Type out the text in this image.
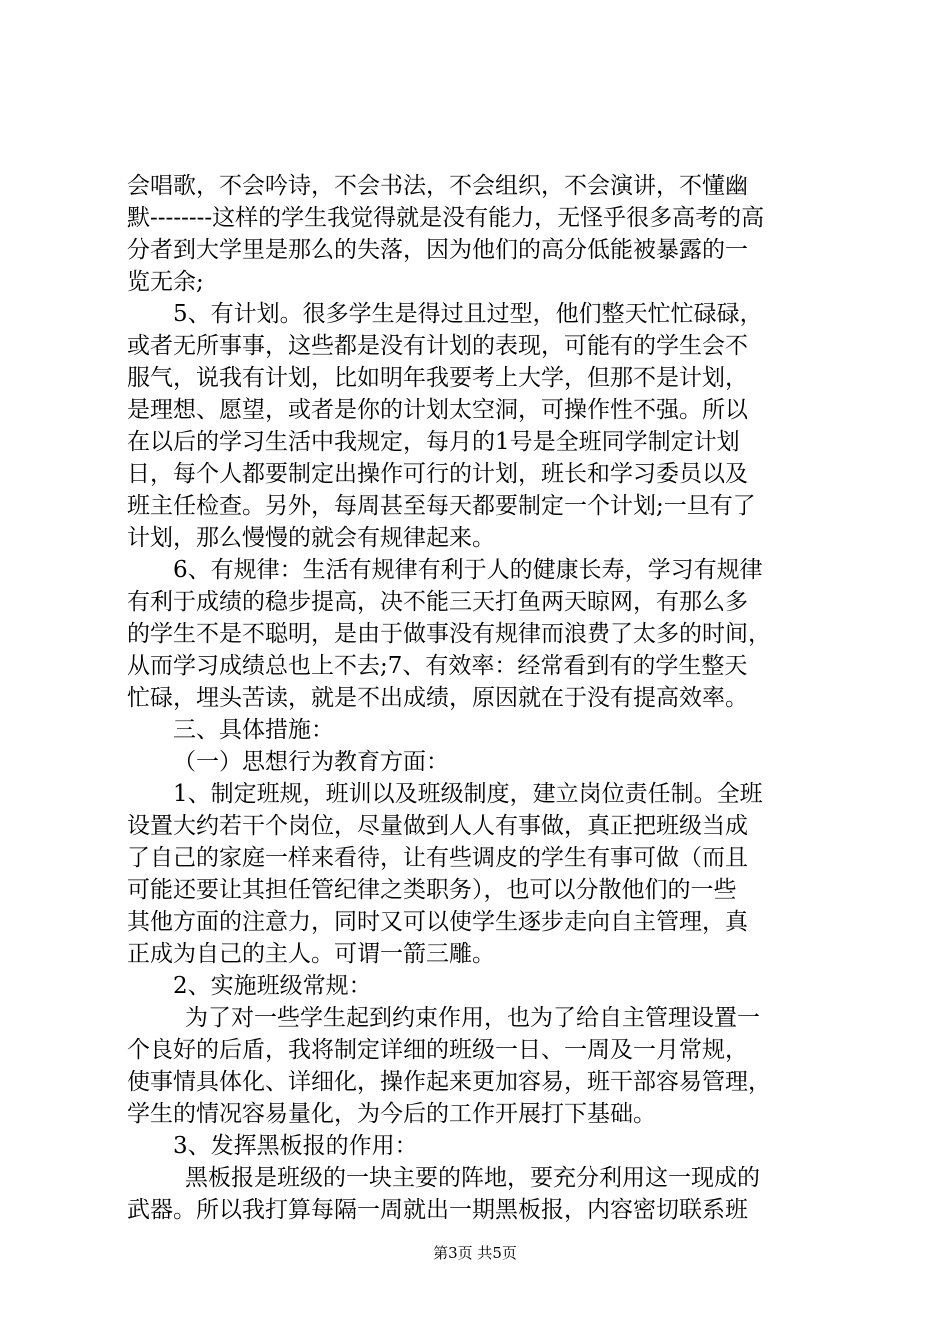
会唱歌，不会吟诗，不会书法，不会组织，不会演讲，不懂幽
默--------这样的学生我觉得就是没有能力，无怪乎很多高考的高
分者到大学里是那么的失落，因为他们的高分低能被暴露的一
览无余;
5、有计划。很多学生是得过且过型，他们整天忙忙碌碌，
或者无所事事，这些都是没有计划的表现，可能有的学生会不
服气，说我有计划，比如明年我要考上大学，但那不是计划，
是理想、愿望，或者是你的计划太空洞，可操作性不强。所以
在以后的学习生活中我规定，每月的1号是全班同学制定计划
日，每个人都要制定出操作可行的计划，班长和学习委员以及
班主任检查。另外，每周甚至每天都要制定一个计划;一旦有了
计划，那么慢慢的就会有规律起来。
6、有规律：生活有规律有利于人的健康长寿，学习有规律
有利于成绩的稳步提高，决不能三天打鱼两天晾网，有那么多
的学生不是不聪明，是由于做事没有规律而浪费了太多的时间，
从而学习成绩总也上不去;7、有效率：经常看到有的学生整天
忙碌，埋头苦读，就是不出成绩，原因就在于没有提高效率。
三、具体措施：
（一）思想行为教育方面：
1、制定班规，班训以及班级制度，建立岗位责任制。全班
设置大约若干个岗位，尽量做到人人有事做，真正把班级当成
了自己的家庭一样来看待，让有些调皮的学生有事可做（而且
可能还要让其担任管纪律之类职务），也可以分散他们的一些
其他方面的注意力，同时又可以使学生逐步走向自主管理，真
正成为自己的主人。可谓一箭三雕。
2、实施班级常规：
为了对一些学生起到约束作用，也为了给自主管理设置一
个良好的后盾，我将制定详细的班级一日、一周及一月常规，
使事情具体化、详细化，操作起来更加容易，班干部容易管理，
学生的情况容易量化，为今后的工作开展打下基础。
3、发挥黑板报的作用：
黑板报是班级的一块主要的阵地，要充分利用这一现成的
武器。所以我打算每隔一周就出一期黑板报，内容密切联系班
第3页 共5页
